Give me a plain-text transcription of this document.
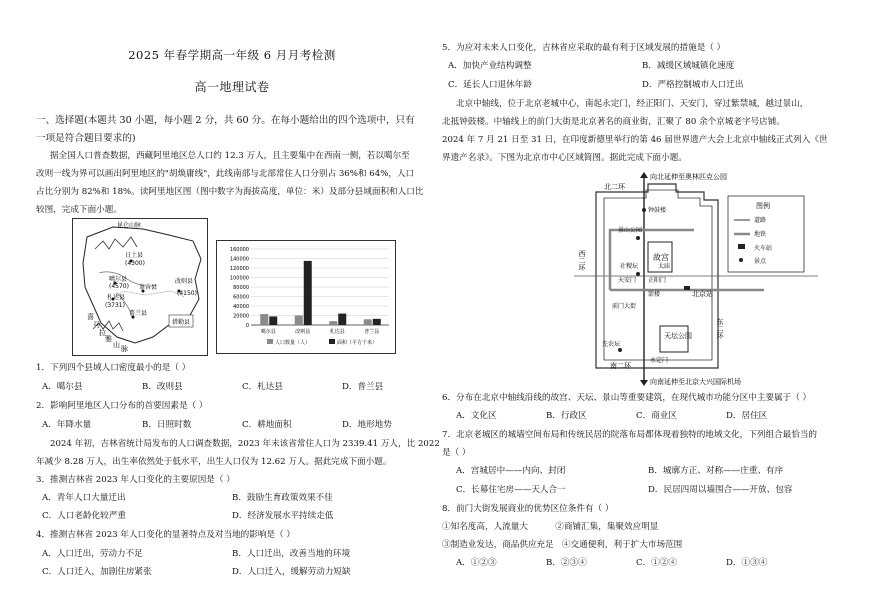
2025 年春学期高一年级 6 月月考检测
高一地理试卷
一、选择题(本题共 30 小题，每小题 2 分，共 60 分。在每小题给出的四个选项中，只有
一项是符合题目要求的)
据全国人口普查数据，西藏阿里地区总人口约 12.3 万人，且主要集中在西南一侧，若以噶尔至
改则一线为界可以画出阿里地区的"胡焕庸线"，此线南部与北部常住人口分别占 36%和 64%，人口
占比分别为 82%和 18%。读阿里地区图（图中数字为海拔高度，单位：米）及部分县域面积和人口比
较图，完成下面小题。
昆仑山脉
日土县
(4300)
噶尔县
(4570) 革吉县
改则县
(4150)
札达县
(3731)
普兰县
措勤县
喜
马
拉
雅
山 脉
0
20000
40000
60000
80000
100000
120000
140000
160000
噶尔县	改则县	札达县	普兰县
人口数量（人）	面积（平方千米）
1．下列四个县域人口密度最小的是（ ）
A．噶尔县	B．改则县	C．札达县	D．普兰县
2．影响阿里地区人口分布的首要因素是（ ）
A．年降水量	B．日照时数	C．耕地面积	D．地形地势
2024 年初，吉林省统计局发布的人口调查数据，2023 年末该省常住人口为 2339.41 万人，比 2022
年减少 8.28 万人，出生率依然处于低水平，出生人口仅为 12.62 万人。据此完成下面小题。
3．推测吉林省 2023 年人口变化的主要原因是（ ）
A．青年人口大量迁出	B．鼓励生育政策效果不佳
C．人口老龄化较严重	D．经济发展水平持续走低
4．推测吉林省 2023 年人口变化的显著特点及对当地的影响是（ ）
A．人口迁出，劳动力不足	B．人口迁出，改善当地的环境
C．人口迁入，加剧住房紧张	D．人口迁入，缓解劳动力短缺
5．为应对未来人口变化，吉林省应采取的最有利于区域发展的措施是（ ）
A．加快产业结构调整	B．减缓区域城镇化速度
C．延长人口退休年龄	D．严格控制城市人口迁出
北京中轴线，位于北京老城中心，南起永定门，经正阳门、天安门，穿过紫禁城，越过景山，
北抵钟鼓楼。中轴线上的前门大街是北京著名的商业街，汇聚了 80 余个京城老字号店铺。
2024 年 7 月 21 日至 31 日，在印度新德里举行的第 46 届世界遗产大会上北京中轴线正式列入《世
界遗产名录》。下图为北京市中心区域简图。据此完成下面小题。
向北延伸至奥林匹克公园
向南延伸至北京大兴国际机场
北二环
南二环
西二环
东二环
钟鼓楼
景山公园
故宫
社稷坛	太庙
天安门 正阳门
箭楼
前门大街
北京站
天坛公园
先农坛
永定门
图例
道路
地铁
火车站
景点
6．分布在北京中轴线沿线的故宫、天坛、景山等重要建筑，在现代城市功能分区中主要属于（ ）
A．文化区	B．行政区	C．商业区	D．居住区
7．北京老城区的城墙空间布局和传统民居的院落布局都体现着独特的地域文化，下列组合最恰当的
是（ ）
A．宫城居中——内向、封闭	B．城廓方正、对称——庄重、有序
C．长幕住宅房——天人合一	D．民居四周以墙围合——开放、包容
8．前门大街发展商业的优势区位条件有（ ）
①知名度高，人流量大          ②商铺汇集，集聚效应明显
③制造业发达，商品供应充足   ④交通便利，利于扩大市场范围
A．①②③	B．②③④	C．①②④	D．①③④
